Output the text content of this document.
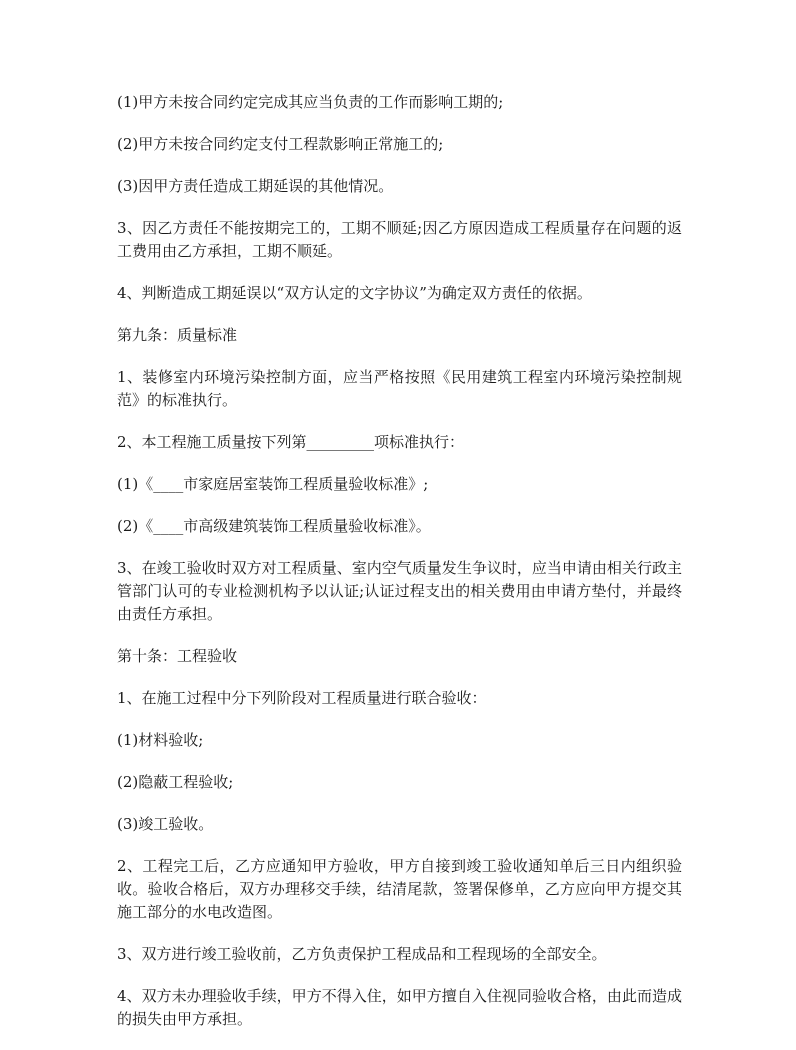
(1)甲方未按合同约定完成其应当负责的工作而影响工期的;

(2)甲方未按合同约定支付工程款影响正常施工的;

(3)因甲方责任造成工期延误的其他情况。

3、因乙方责任不能按期完工的，工期不顺延;因乙方原因造成工程质量存在问题的返工费用由乙方承担，工期不顺延。

4、判断造成工期延误以“双方认定的文字协议”为确定双方责任的依据。

第九条：质量标准

1、装修室内环境污染控制方面，应当严格按照《民用建筑工程室内环境污染控制规范》的标准执行。

2、本工程施工质量按下列第_________项标准执行：

(1)《____市家庭居室装饰工程质量验收标准》;

(2)《____市高级建筑装饰工程质量验收标准》。

3、在竣工验收时双方对工程质量、室内空气质量发生争议时，应当申请由相关行政主管部门认可的专业检测机构予以认证;认证过程支出的相关费用由申请方垫付，并最终由责任方承担。

第十条：工程验收

1、在施工过程中分下列阶段对工程质量进行联合验收：

(1)材料验收;

(2)隐蔽工程验收;

(3)竣工验收。

2、工程完工后，乙方应通知甲方验收，甲方自接到竣工验收通知单后三日内组织验收。验收合格后，双方办理移交手续，结清尾款，签署保修单，乙方应向甲方提交其施工部分的水电改造图。

3、双方进行竣工验收前，乙方负责保护工程成品和工程现场的全部安全。

4、双方未办理验收手续，甲方不得入住，如甲方擅自入住视同验收合格，由此而造成的损失由甲方承担。
